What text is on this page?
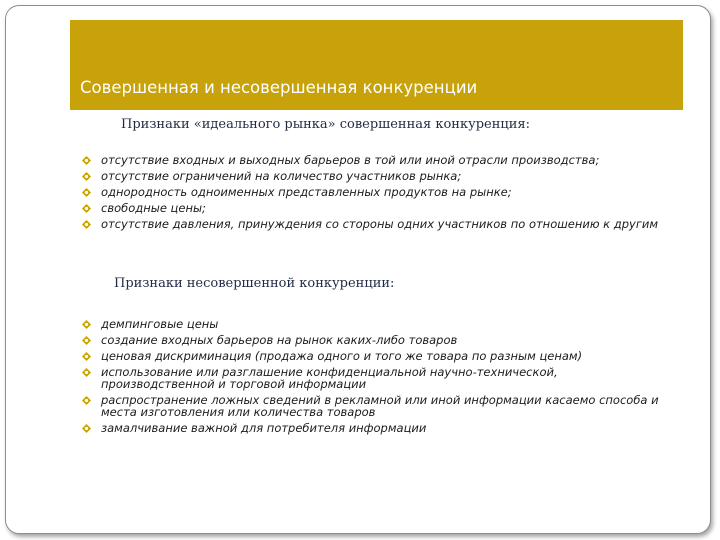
Совершенная и несовершенная конкуренции
Признаки «идеального рынка» совершенная конкуренция:
отсутствие входных и выходных барьеров в той или иной отрасли производства;
отсутствие ограничений на количество участников рынка;
однородность одноименных представленных продуктов на рынке;
свободные цены;
отсутствие давления, принуждения со стороны одних участников по отношению к другим
Признаки несовершенной конкуренции:
демпинговые цены
создание входных барьеров на рынок каких-либо товаров
ценовая дискриминация (продажа одного и того же товара по разным ценам)
использование или разглашение конфиденциальной научно-технической, производственной и торговой информации
распространение ложных сведений в рекламной или иной информации касаемо способа и места изготовления или количества товаров
замалчивание важной для потребителя информации
